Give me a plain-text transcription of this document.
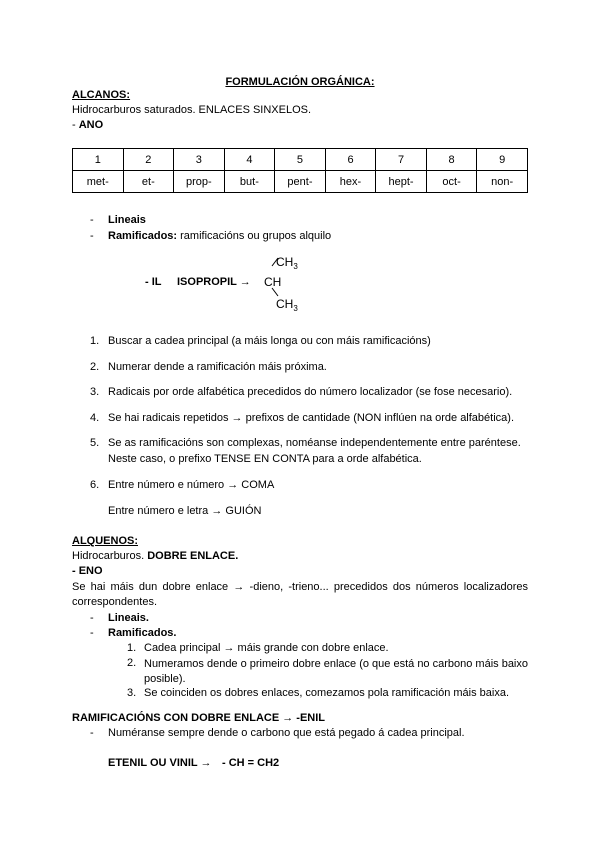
FORMULACIÓN ORGÁNICA:
ALCANOS:
Hidrocarburos saturados. ENLACES SINXELOS.
- ANO
1	2	3	4	5	6	7	8	9
met-	et-	prop-	but-	pent-	hex-	hept-	oct-	non-
- Lineais
- Ramificados: ramificacións ou grupos alquilo
- IL ISOPROPIL →
$CH_3$
CH
$CH_3$
1. Buscar a cadea principal (a máis longa ou con máis ramificacións)
2. Numerar dende a ramificación máis próxima.
3. Radicais por orde alfabética precedidos do número localizador (se fose necesario).
4. Se hai radicais repetidos → prefixos de cantidade (NON inflúen na orde alfabética).
5. Se as ramificacións son complexas, noméanse independentemente entre paréntese.
Neste caso, o prefixo TENSE EN CONTA para a orde alfabética.
6. Entre número e número → COMA
Entre número e letra → GUIÓN
ALQUENOS:
Hidrocarburos. DOBRE ENLACE.
- ENO
Se hai máis dun dobre enlace → -dieno, -trieno... precedidos dos números localizadores correspondentes.
- Lineais.
- Ramificados.
1. Cadea principal → máis grande con dobre enlace.
2. Numeramos dende o primeiro dobre enlace (o que está no carbono máis baixo posible).
3. Se coinciden os dobres enlaces, comezamos pola ramificación máis baixa.
RAMIFICACIÓNS CON DOBRE ENLACE → -ENIL
- Numéranse sempre dende o carbono que está pegado á cadea principal.
ETENIL OU VINIL → - CH = CH2
